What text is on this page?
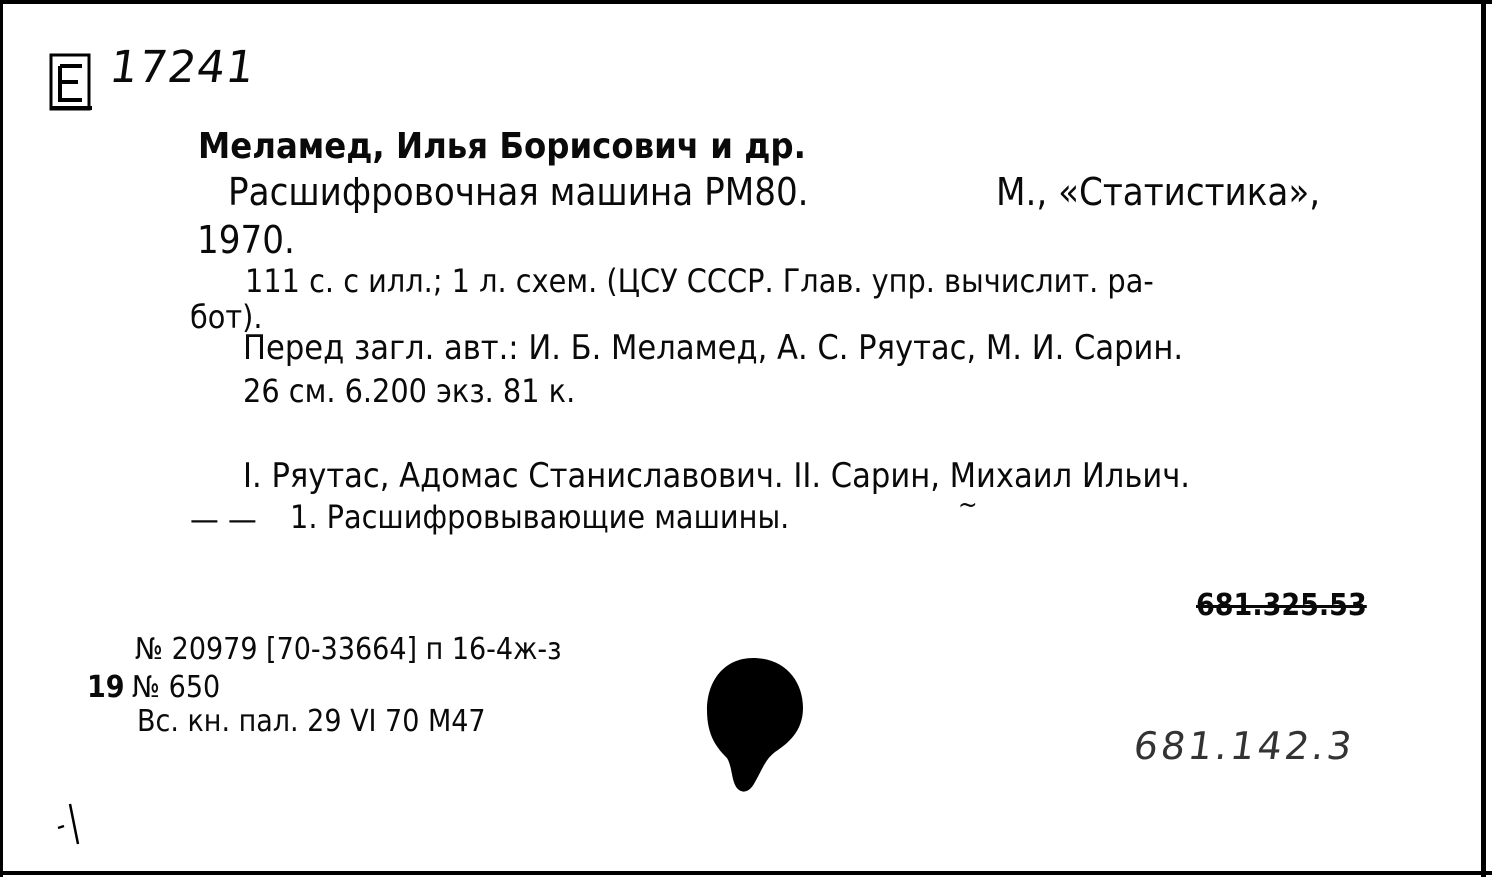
17241
Меламед, Илья Борисович и др.
Расшифровочная машина РМ80.	М., «Статистика»,
1970.
111 с. с илл.; 1 л. схем. (ЦСУ СССР. Глав. упр. вычислит. ра-
бот).
Перед загл. авт.: И. Б. Меламед, А. С. Ряутас, М. И. Сарин.
26 см. 6.200 экз. 81 к.
I. Ряутас, Адомас Станиславович. II. Сарин, Михаил Ильич.
— — 1. Расшифровывающие машины.	~
681.325.53
№ 20979 [70-33664] п 16-4ж-з
19 № 650
Вс. кн. пал. 29 VI 70 М47
681.142.3
